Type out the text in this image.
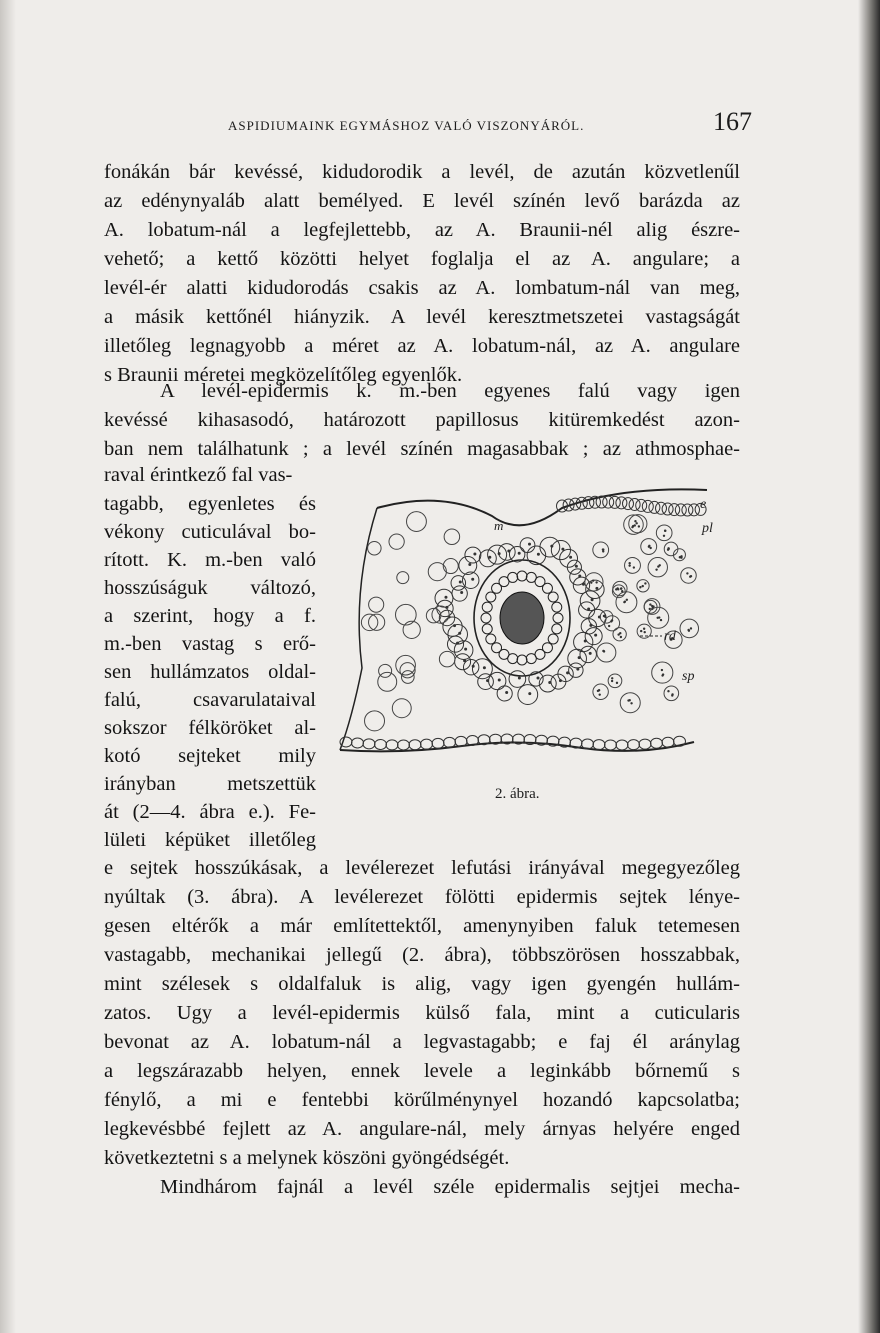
ASPIDIUMAINK EGYMÁSHOZ VALÓ VISZONYÁRÓL.	167
fonákán bár kevéssé, kidudorodik a levél, de azután közvetlenűl
az edénynyaláb alatt bemélyed. E levél színén levő barázda az
A. lobatum-nál a legfejlettebb, az A. Braunii-nél alig észre-
vehető; a kettő közötti helyet foglalja el az A. angulare; a
levél-ér alatti kidudorodás csakis az A. lombatum-nál van meg,
a másik kettőnél hiányzik. A levél keresztmetszetei vastagságát
illetőleg legnagyobb a méret az A. lobatum-nál, az A. angulare
s Braunii méretei megközelítőleg egyenlők.
A levél-epidermis k. m.-ben egyenes falú vagy igen
kevéssé kihasasodó, határozott papillosus kitüremkedést azon-
ban nem találhatunk ; a levél színén magasabbak ; az athmosphae-
raval érintkező fal vas-
tagabb, egyenletes és
vékony cuticulával bo-
rított. K. m.-ben való
hosszúságuk változó,
a szerint, hogy a f.
m.-ben vastag s erő-
sen hullámzatos oldal-
falú, csavarulataival
sokszor félköröket al-
kotó sejteket mily
irányban metszettük
át (2—4. ábra e.). Fe-
lületi képüket illetőleg
e sejtek hosszúkásak, a levélerezet lefutási irányával megegyezőleg
nyúltak (3. ábra). A levélerezet fölötti epidermis sejtek lénye-
gesen eltérők a már említettektől, amenynyiben faluk tetemesen
vastagabb, mechanikai jellegű (2. ábra), többszörösen hosszabbak,
mint szélesek s oldalfaluk is alig, vagy igen gyengén hullám-
zatos. Ugy a levél-epidermis külső fala, mint a cuticularis
bevonat az A. lobatum-nál a legvastagabb; e faj él aránylag
a legszárazabb helyen, ennek levele a leginkább bőrnemű s
fénylő, a mi e fentebbi körűlménynyel hozandó kapcsolatba;
legkevésbbé fejlett az A. angulare-nál, mely árnyas helyére enged
következtetni s a melynek köszöni gyöngédségét.
Mindhárom fajnál a levél széle epidermalis sejtjei mecha-
e
m	pl
rd
sp
2. ábra.
